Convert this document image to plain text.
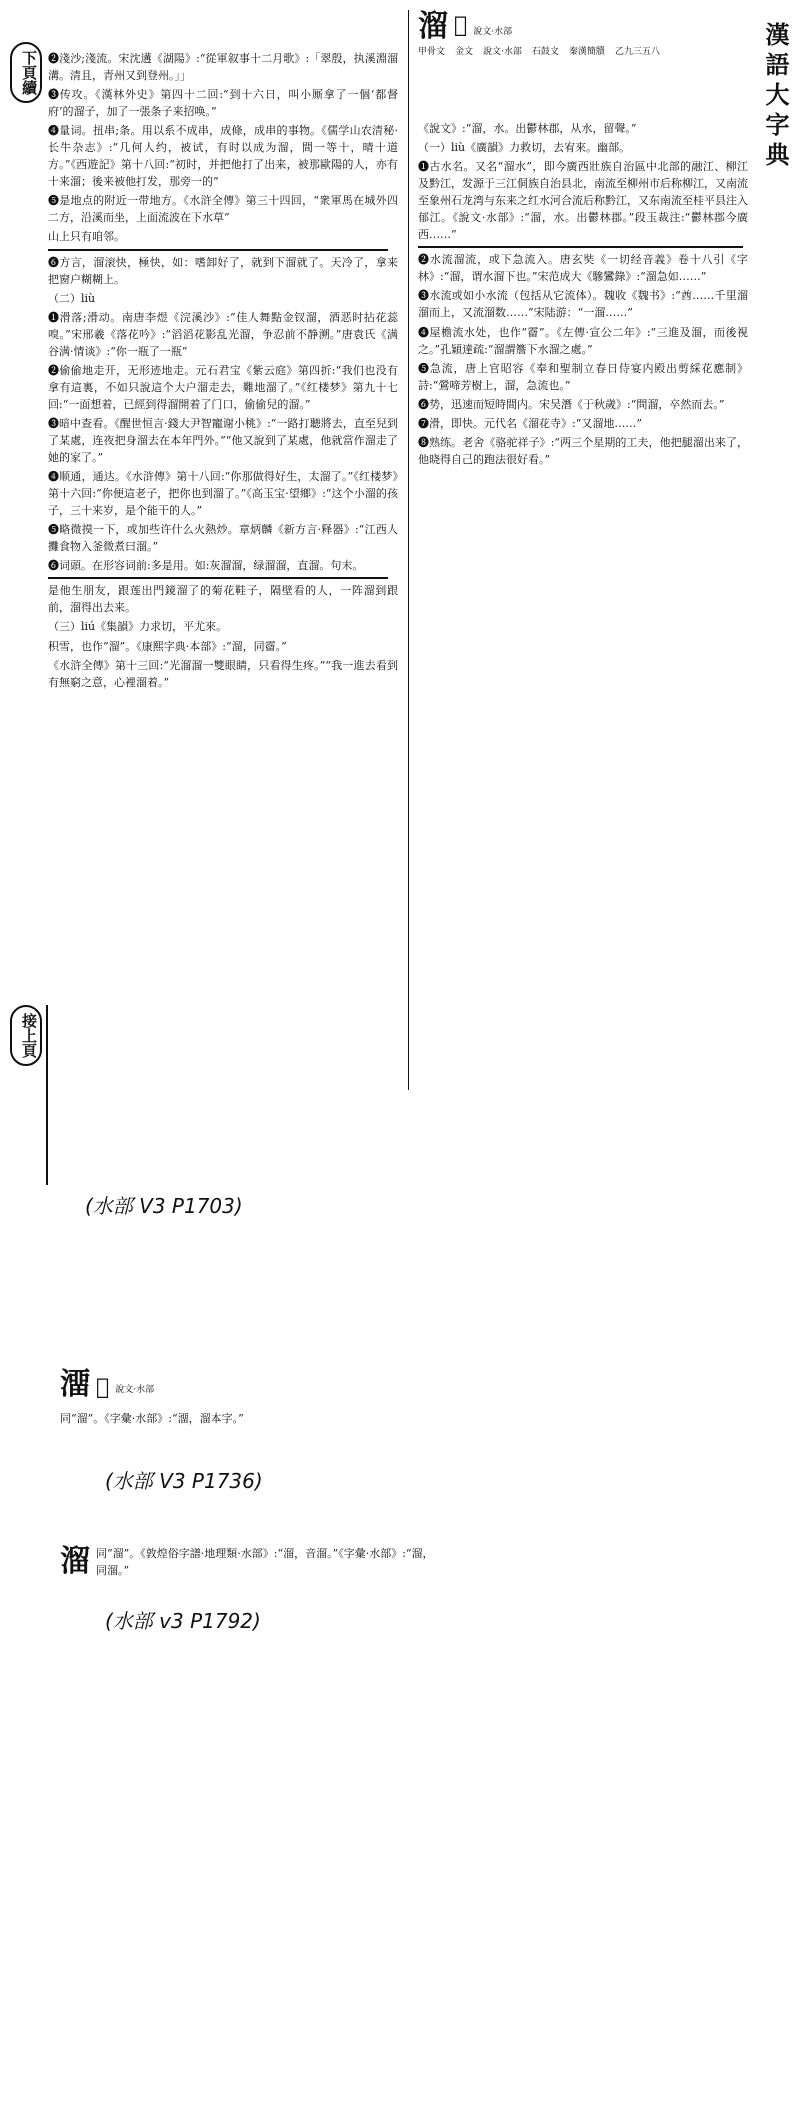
下頁續
接上頁
漢語大字典

❷淺沙;淺流。宋沈遘《湖陽》:“從軍叙事十二月歌》:「翠殷，执溪淵溜溝。清且，青州又到登州。」」

❸传攻。《漢林外史》第四十二回:“到十六日，叫小厮拿了一個‘都督府’的溜子，加了一張条子来招唤。”

❹量词。扭串;条。用以系不成串，成條，成串的事物。《儒学山农清秘·长牛杂志》:“几何人约，被试，有时以成为溜，間一等十，晴十道方。”《西遊記》第十八回:“初时，并把他打了出来，被那歐陽的人，亦有十来溜；後来被他打发，那旁一的”

❺是地点的附近一带地方。《水浒全傳》第三十四回，“衆軍馬在城外四二方，沿溪而坐，上面流波在下水草”

山上只有咱邻。

❻方言，溜滚快，極快，如：嗜卸好了，就到下溜就了。天冷了，拿来把窗户糊糊上。

（二）liù

❶滑落;滑动。南唐李煜《浣溪沙》:“佳人舞點金钗溜，酒恶时拈花蕊嗅。”宋邢羲《落花吟》:“滔滔花影乱光溜，争忍前不静溯。”唐袁氏《满谷满·情谈》:“你一瓶了一瓶”

❷偷偷地走开，无形迹地走。元石君宝《紫云庭》第四折:“我们也没有拿有這裏，不如只說這个大户溜走去，難地溜了。”《红楼梦》第九十七回:“一面想着，已經到得溜開着了门口，偷偷兒的溜。”

❸暗中查看。《醒世恒言·錢大尹智寵谢小桃》:“一路打聽將去，直至兒到了某處，连夜把身溜去在本年門外。”“他又說到了某處，他就當作溜走了她的家了。”

❹顺通，通达。《水浒傳》第十八回:“你那做得好生，太溜了。”《红楼梦》第十六回:“你便這老子，把你也到溜了。”《高玉宝·望鄉》:“这个小溜的孩子，三十来岁，是个能干的人。”

❺略微摸一下，或加些许什么火熱炒。章炳麟《新方言·释器》:“江西人攤食物入釜微煮曰溜。”

❻词頭。在形容词前:多是用。如:灰溜溜，绿溜溜，直溜。句末。

是他生朋友，跟莲出門鏡溜了的菊花鞋子，隔壁看的人，一阵溜到跟前，溜得出去来。

（三）liú《集韻》力求切，平尤來。

积雪，也作“溜”。《康熙字典·本部》:“溜，同霤。”

《水浒全傳》第十三回:“光溜溜一雙眼睛，只看得生疼。”“我一進去看到有無窮之意，心裡溜着。”

(水部 V3 P1703)
溜 𣻳 說文·水部
甲骨文 金文 說文·水部 石鼓文 秦漢簡牘 乙九三五八

《說文》:“溜，水。出鬱林郡，从水，留聲。”

（一）liù《廣韻》力救切，去宥來。幽部。

❶古水名。又名“溜水”，即今廣西壯族自治區中北部的融江、柳江及黔江，发源于三江侗族自治县北，南流至柳州市后称柳江，又南流至象州石龙湾与东来之红水河合流后称黔江，又东南流至桂平县注入郁江。《說文·水部》:“溜，水。出鬱林郡。”段玉裁注:“鬱林郡今廣西……”

❷水流溜流，或下急流入。唐玄奘《一切经音義》卷十八引《字林》:“溜，谓水溜下也。”宋范成大《驂鸞錄》:“溜急如……”

❸水流或如小水流（包括从它流体）。魏收《魏书》:“酋……千里溜溜而上，又流溜数……”宋陆游：“一溜……”

❹屋檐流水处，也作“霤”。《左傳·宣公二年》:“三進及溜，而後視之。”孔穎達疏:“溜謂簷下水溜之處。”

❺急流，唐上官昭容《奉和聖制立春日侍宴内殿出剪綵花應制》詩:“鶯啼芳樹上，溜，急流也。”

❻势，迅速而短時間内。宋吴潛《于秋歲》:“問溜，卒然而去。”

❼滑，即快。元代名《溜花寺》:“又溜地……”

❽熟练。老舍《骆驼祥子》:“两三个星期的工夫，他把腿溜出来了，他晓得自己的跑法很好看。”

澑 𣻳 說文·水部

同“溜”。《字彙·水部》:“澑，溜本字。”

(水部 V3 P1736)
溜 同“溜”。《敦煌俗字譜·地理類·水部》:“溜，音溜。”《字彙·水部》:“溜，同溜。”
(水部 v3 P1792)
